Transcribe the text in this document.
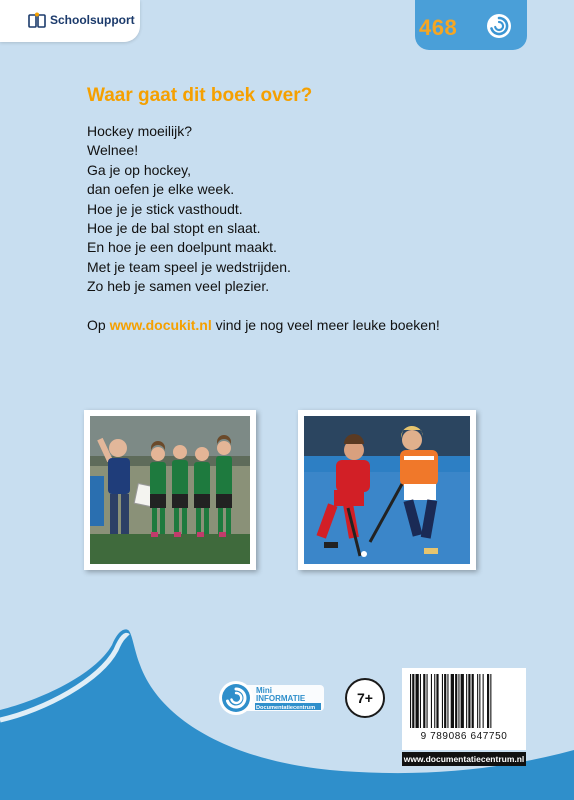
Schoolsupport	468
Waar gaat dit boek over?
Hockey moeilijk?
Welnee!
Ga je op hockey,
dan oefen je elke week.
Hoe je je stick vasthoudt.
Hoe je de bal stopt en slaat.
En hoe je een doelpunt maakt.
Met je team speel je wedstrijden.
Zo heb je samen veel plezier.
Op www.docukit.nl vind je nog veel meer leuke boeken!
Mini
INFORMATIE
Documentatiecentrum
7+
9 789086 647750
www.documentatiecentrum.nl
